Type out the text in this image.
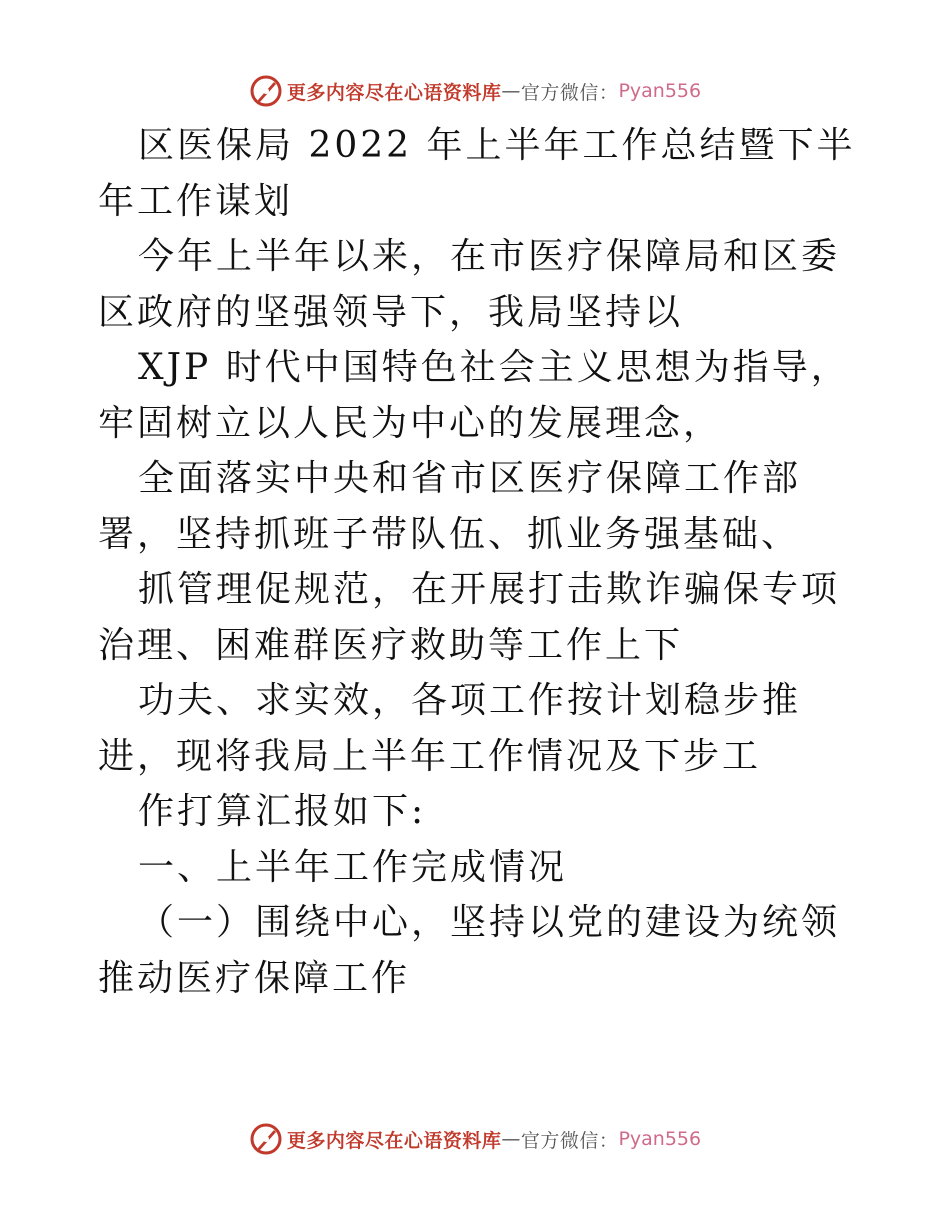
更多内容尽在心语资料库 — 官方微信： Pyan556

区医保局 2022 年上半年工作总结暨下半年工作谋划

今年上半年以来，在市医疗保障局和区委区政府的坚强领导下，我局坚持以

XJP 时代中国特色社会主义思想为指导，牢固树立以人民为中心的发展理念，

全面落实中央和省市区医疗保障工作部署，坚持抓班子带队伍、抓业务强基础、

抓管理促规范，在开展打击欺诈骗保专项治理、困难群医疗救助等工作上下

功夫、求实效，各项工作按计划稳步推进，现将我局上半年工作情况及下步工

作打算汇报如下:

一、上半年工作完成情况

（一）围绕中心，坚持以党的建设为统领推动医疗保障工作

更多内容尽在心语资料库 — 官方微信： Pyan556
